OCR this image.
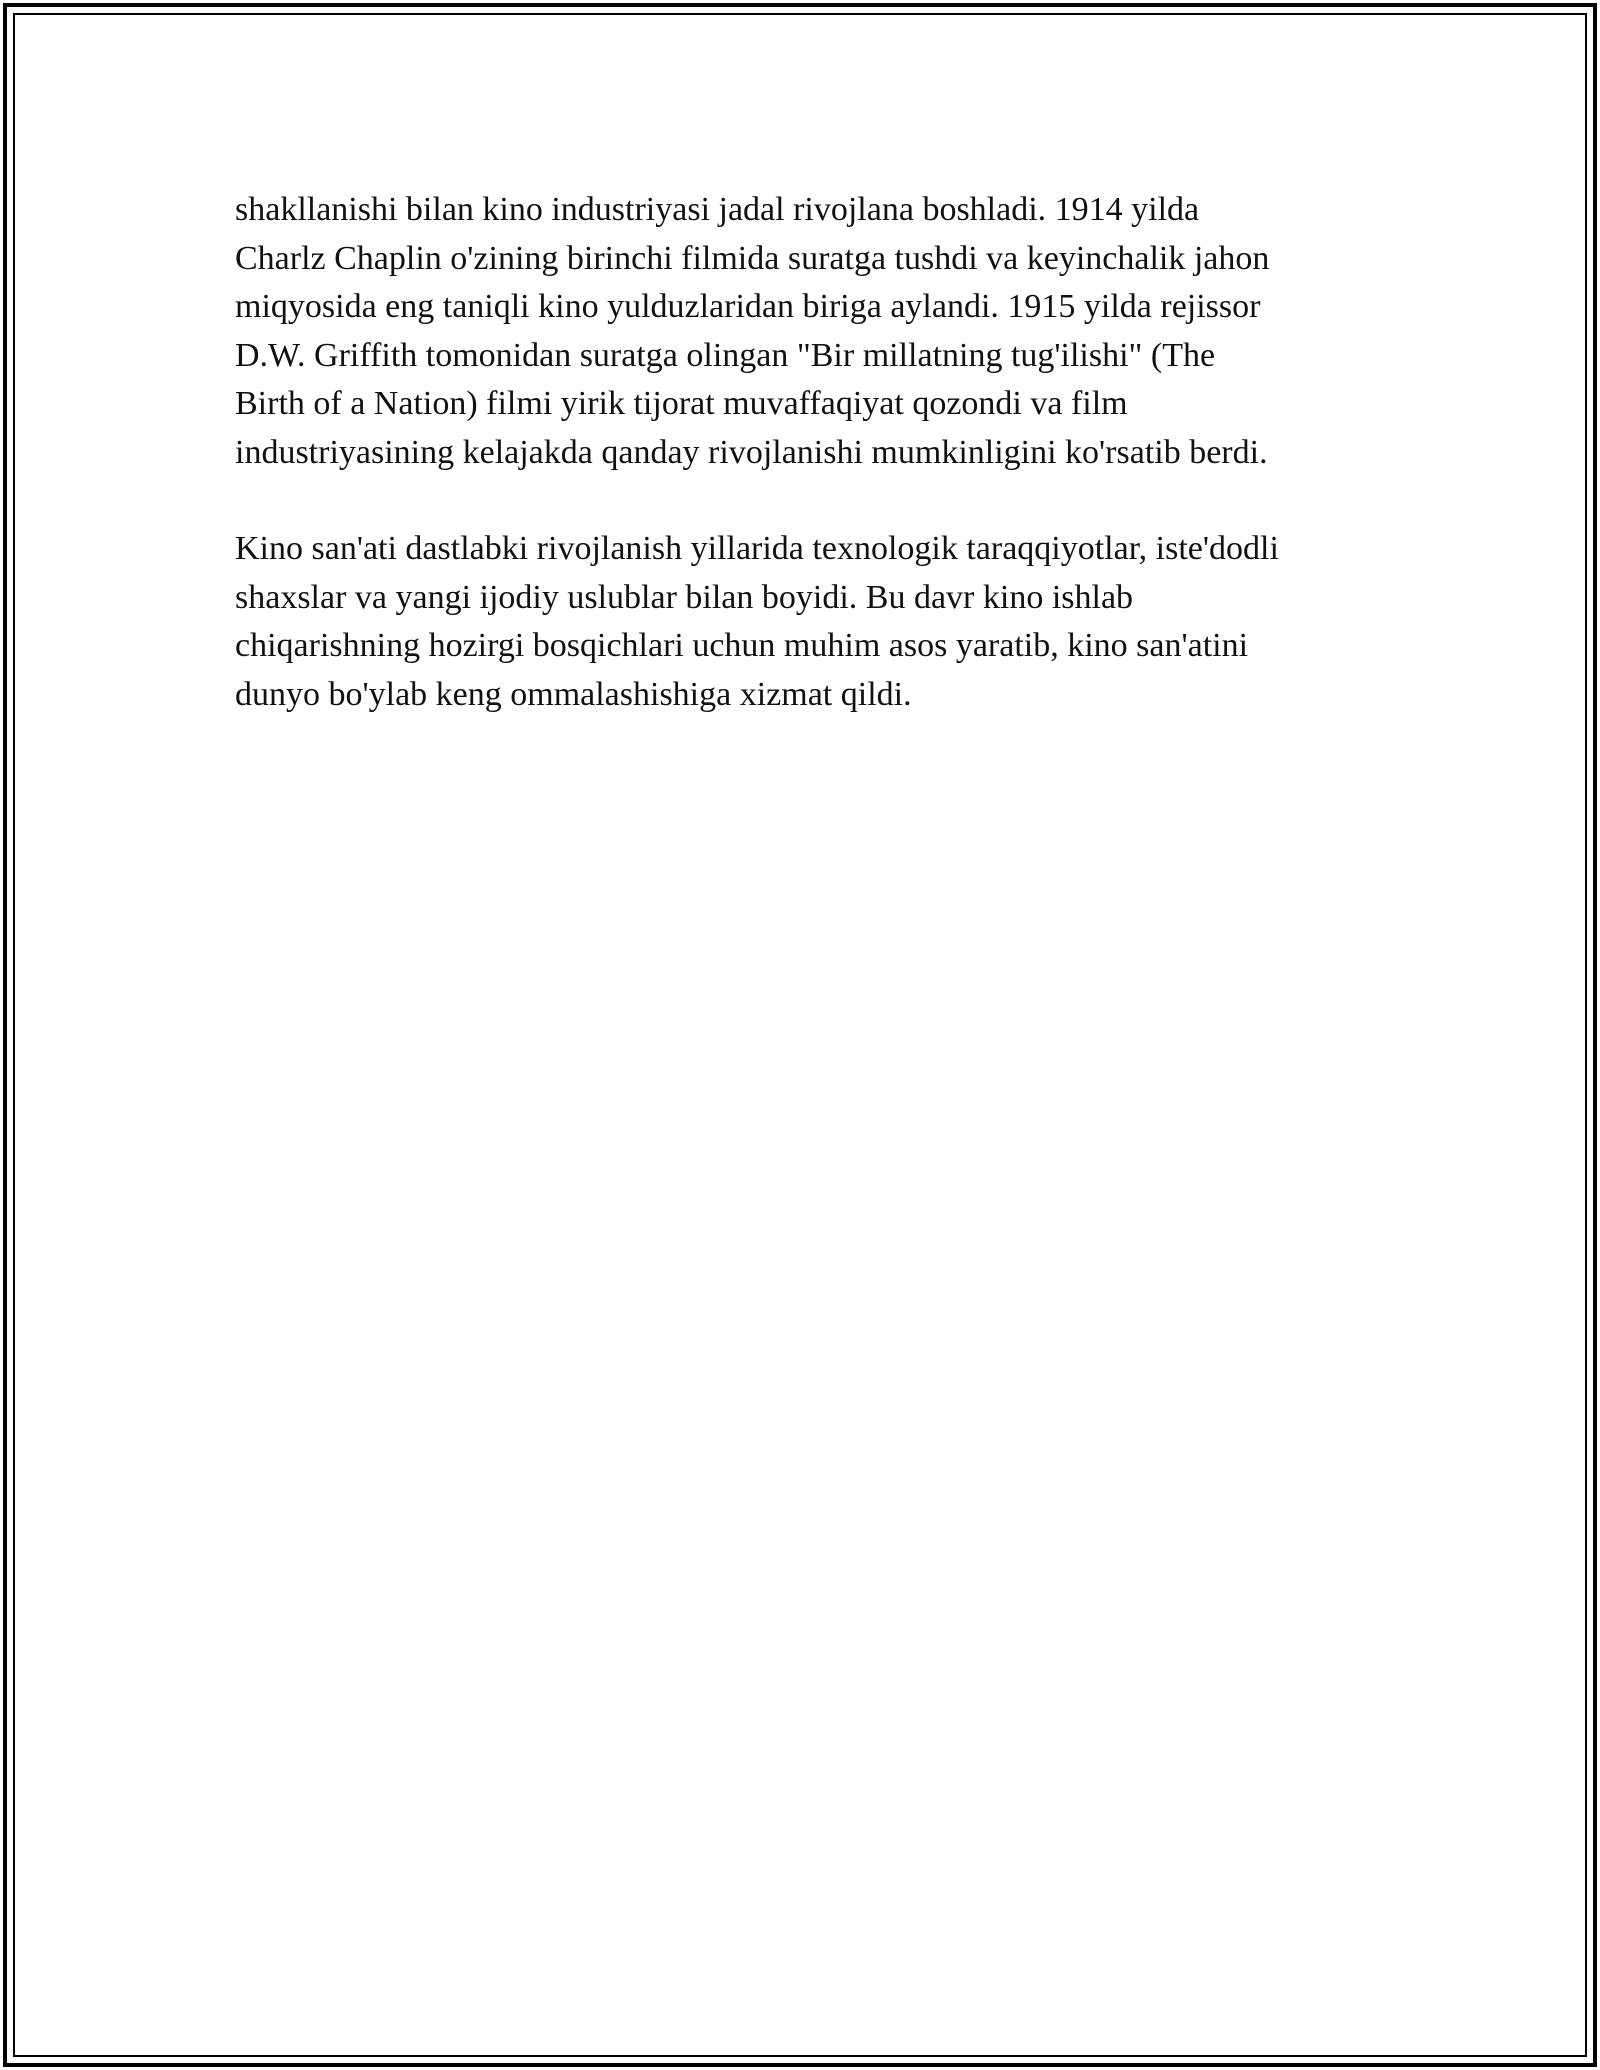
shakllanishi bilan kino industriyasi jadal rivojlana boshladi. 1914 yilda
Charlz Chaplin o'zining birinchi filmida suratga tushdi va keyinchalik jahon
miqyosida eng taniqli kino yulduzlaridan biriga aylandi. 1915 yilda rejissor
D.W. Griffith tomonidan suratga olingan "Bir millatning tug'ilishi" (The
Birth of a Nation) filmi yirik tijorat muvaffaqiyat qozondi va film
industriyasining kelajakda qanday rivojlanishi mumkinligini ko'rsatib berdi.

Kino san'ati dastlabki rivojlanish yillarida texnologik taraqqiyotlar, iste'dodli
shaxslar va yangi ijodiy uslublar bilan boyidi. Bu davr kino ishlab
chiqarishning hozirgi bosqichlari uchun muhim asos yaratib, kino san'atini
dunyo bo'ylab keng ommalashishiga xizmat qildi.
